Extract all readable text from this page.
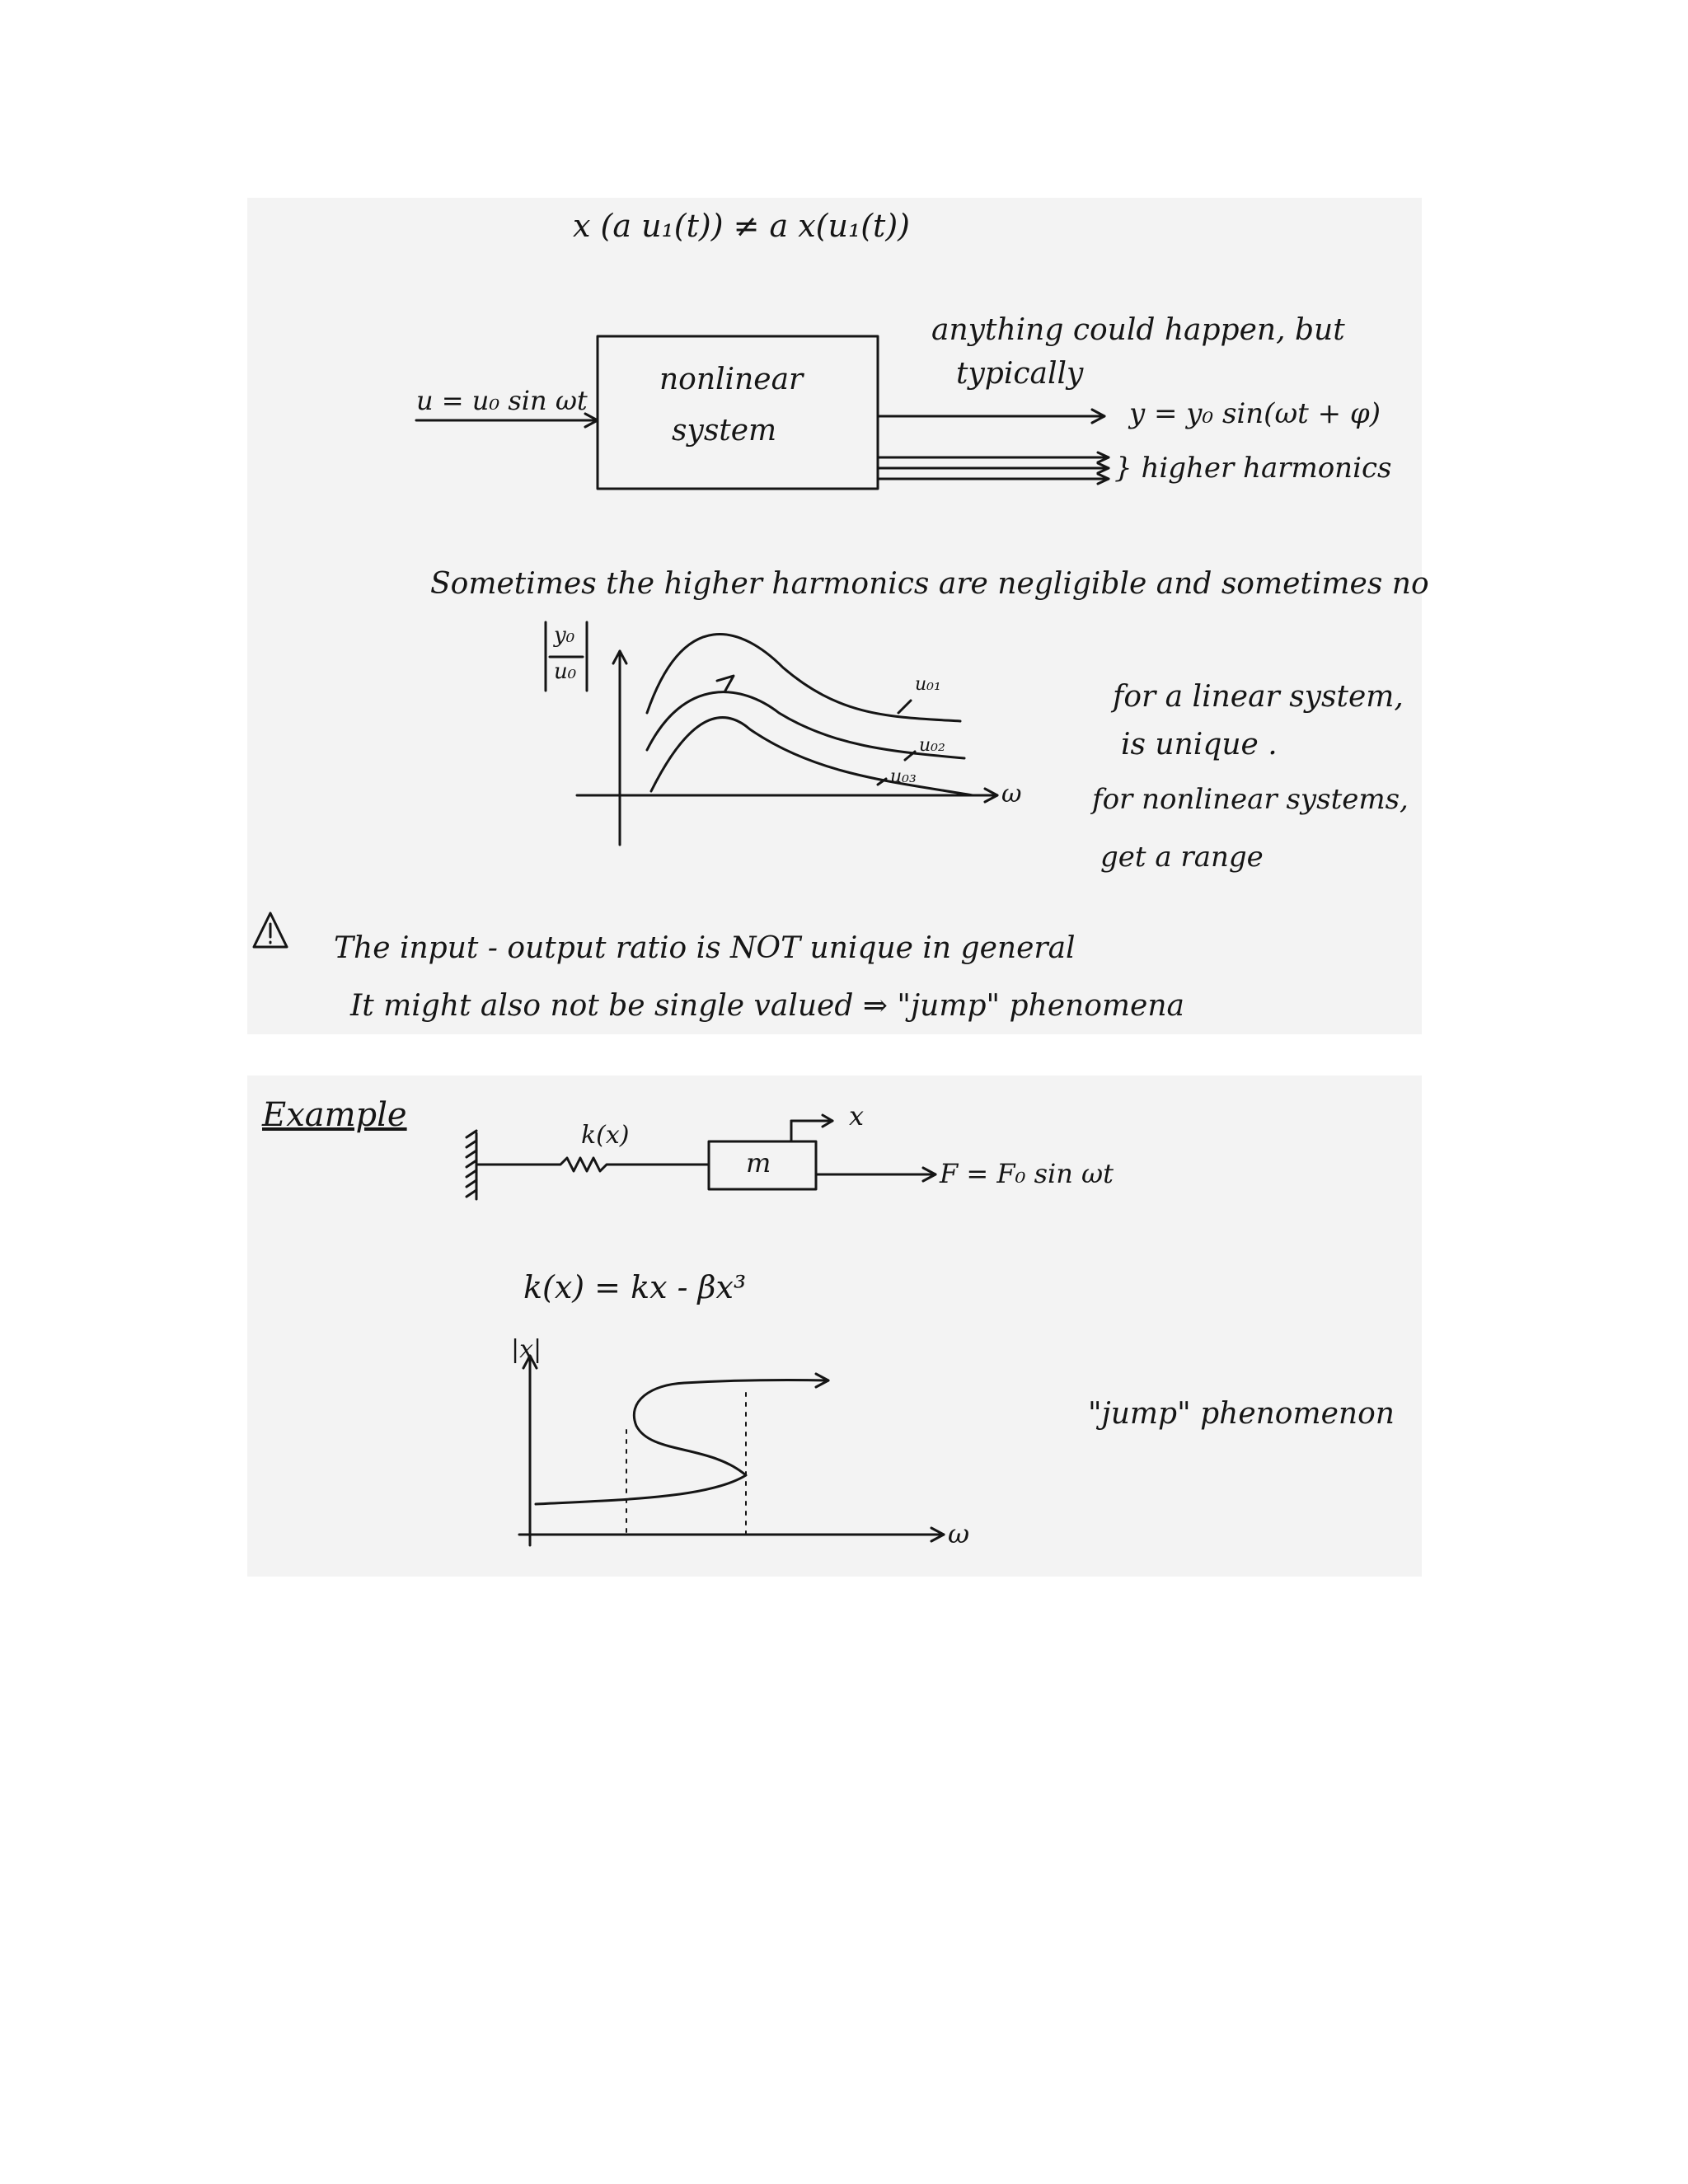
x (a u₁(t)) ≠ a x(u₁(t))
anything could happen, but
typically
u = u₀ sin ωt
nonlinear
system	y = y₀ sin(ωt + φ)
} higher harmonics
Sometimes the higher harmonics are negligible and sometimes no
y₀
u₀
u₀₁
u₀₂
u₀₃
ω
for a linear system,
is unique .
for nonlinear systems,
get a range
The input - output ratio is NOT unique in general
It might also not be single valued ⇒ "jump" phenomena
Example
k(x)
m
x
F = F₀ sin ωt
k(x) = kx - βx³
|x|
ω
"jump" phenomenon
